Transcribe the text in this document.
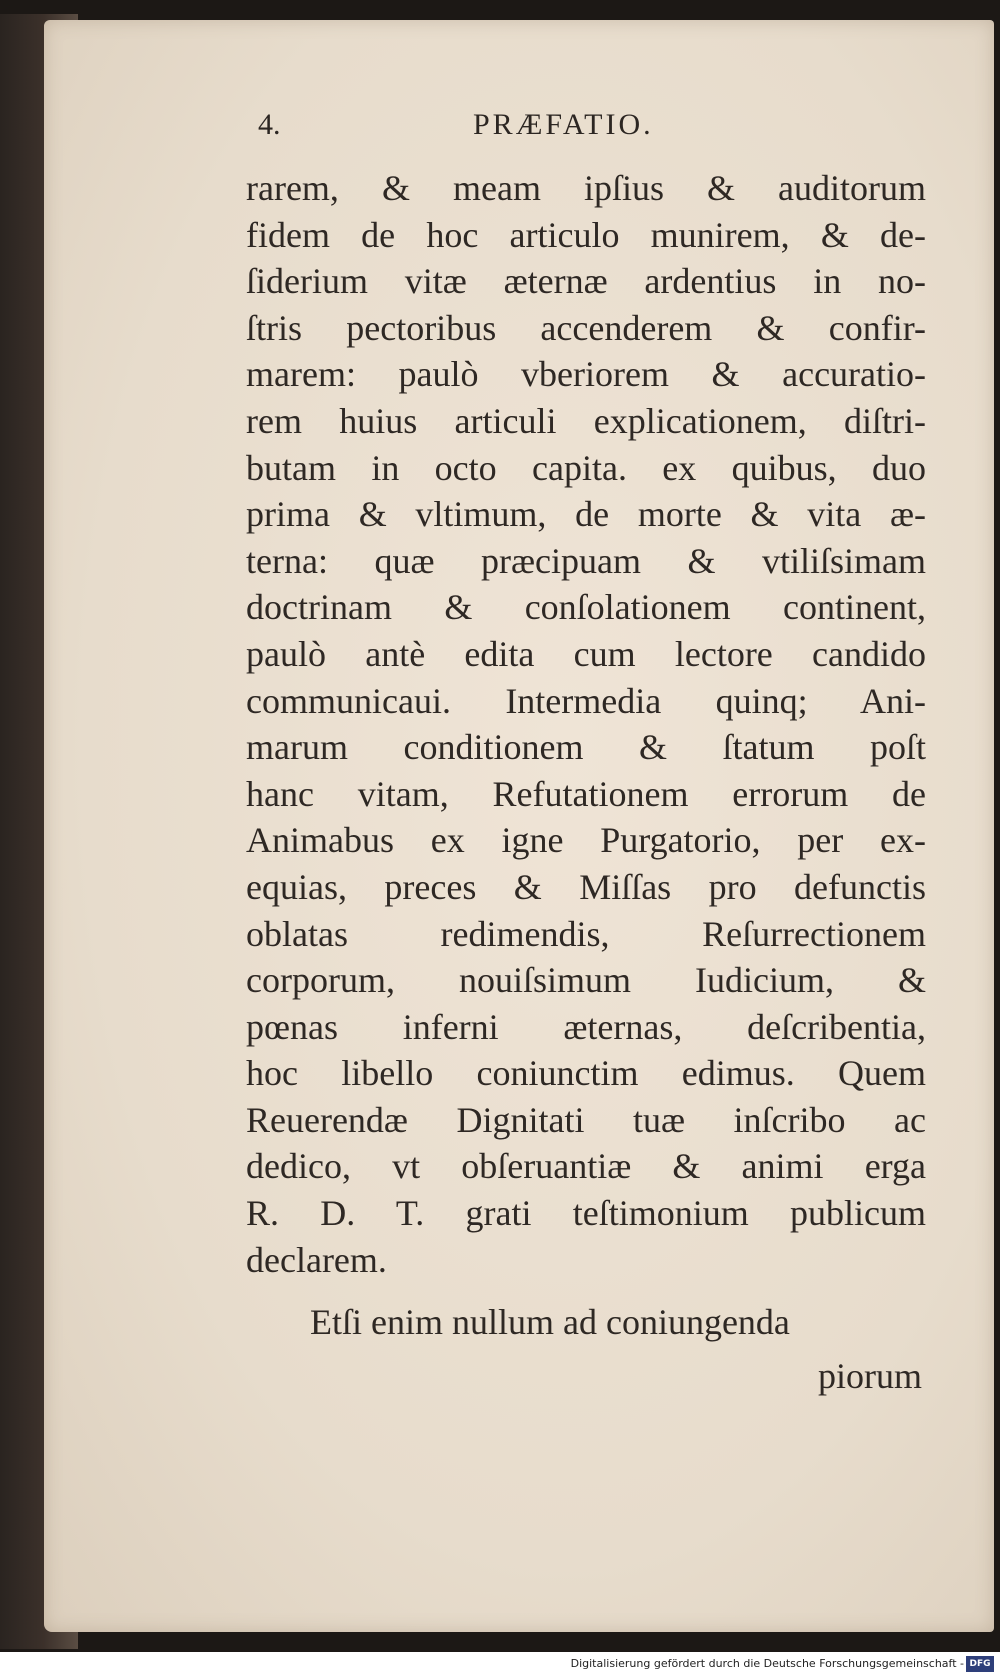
4.	PRÆFATIO.
rarem, & meam ipſius & auditorum
fidem de hoc articulo munirem, & de-
ſiderium vitæ æternæ ardentius in no-
ſtris pectoribus accenderem & confir-
marem: paulò vberiorem & accuratio-
rem huius articuli explicationem, diſtri-
butam in octo capita. ex quibus, duo
prima & vltimum, de morte & vita æ-
terna: quæ præcipuam & vtiliſsimam
doctrinam & conſolationem continent,
paulò antè edita cum lectore candido
communicaui. Intermedia quinq; Ani-
marum conditionem & ſtatum poſt
hanc vitam, Refutationem errorum de
Animabus ex igne Purgatorio, per ex-
equias, preces & Miſſas pro defunctis
oblatas redimendis, Reſurrectionem
corporum, nouiſsimum Iudicium, &
pœnas inferni æternas, deſcribentia,
hoc libello coniunctim edimus. Quem
Reuerendæ Dignitati tuæ inſcribo ac
dedico, vt obſeruantiæ & animi erga
R. D. T. grati teſtimonium publicum
declarem.
Etſi enim nullum ad coniungenda
piorum
Digitalisierung gefördert durch die Deutsche Forschungsgemeinschaft - DFG
